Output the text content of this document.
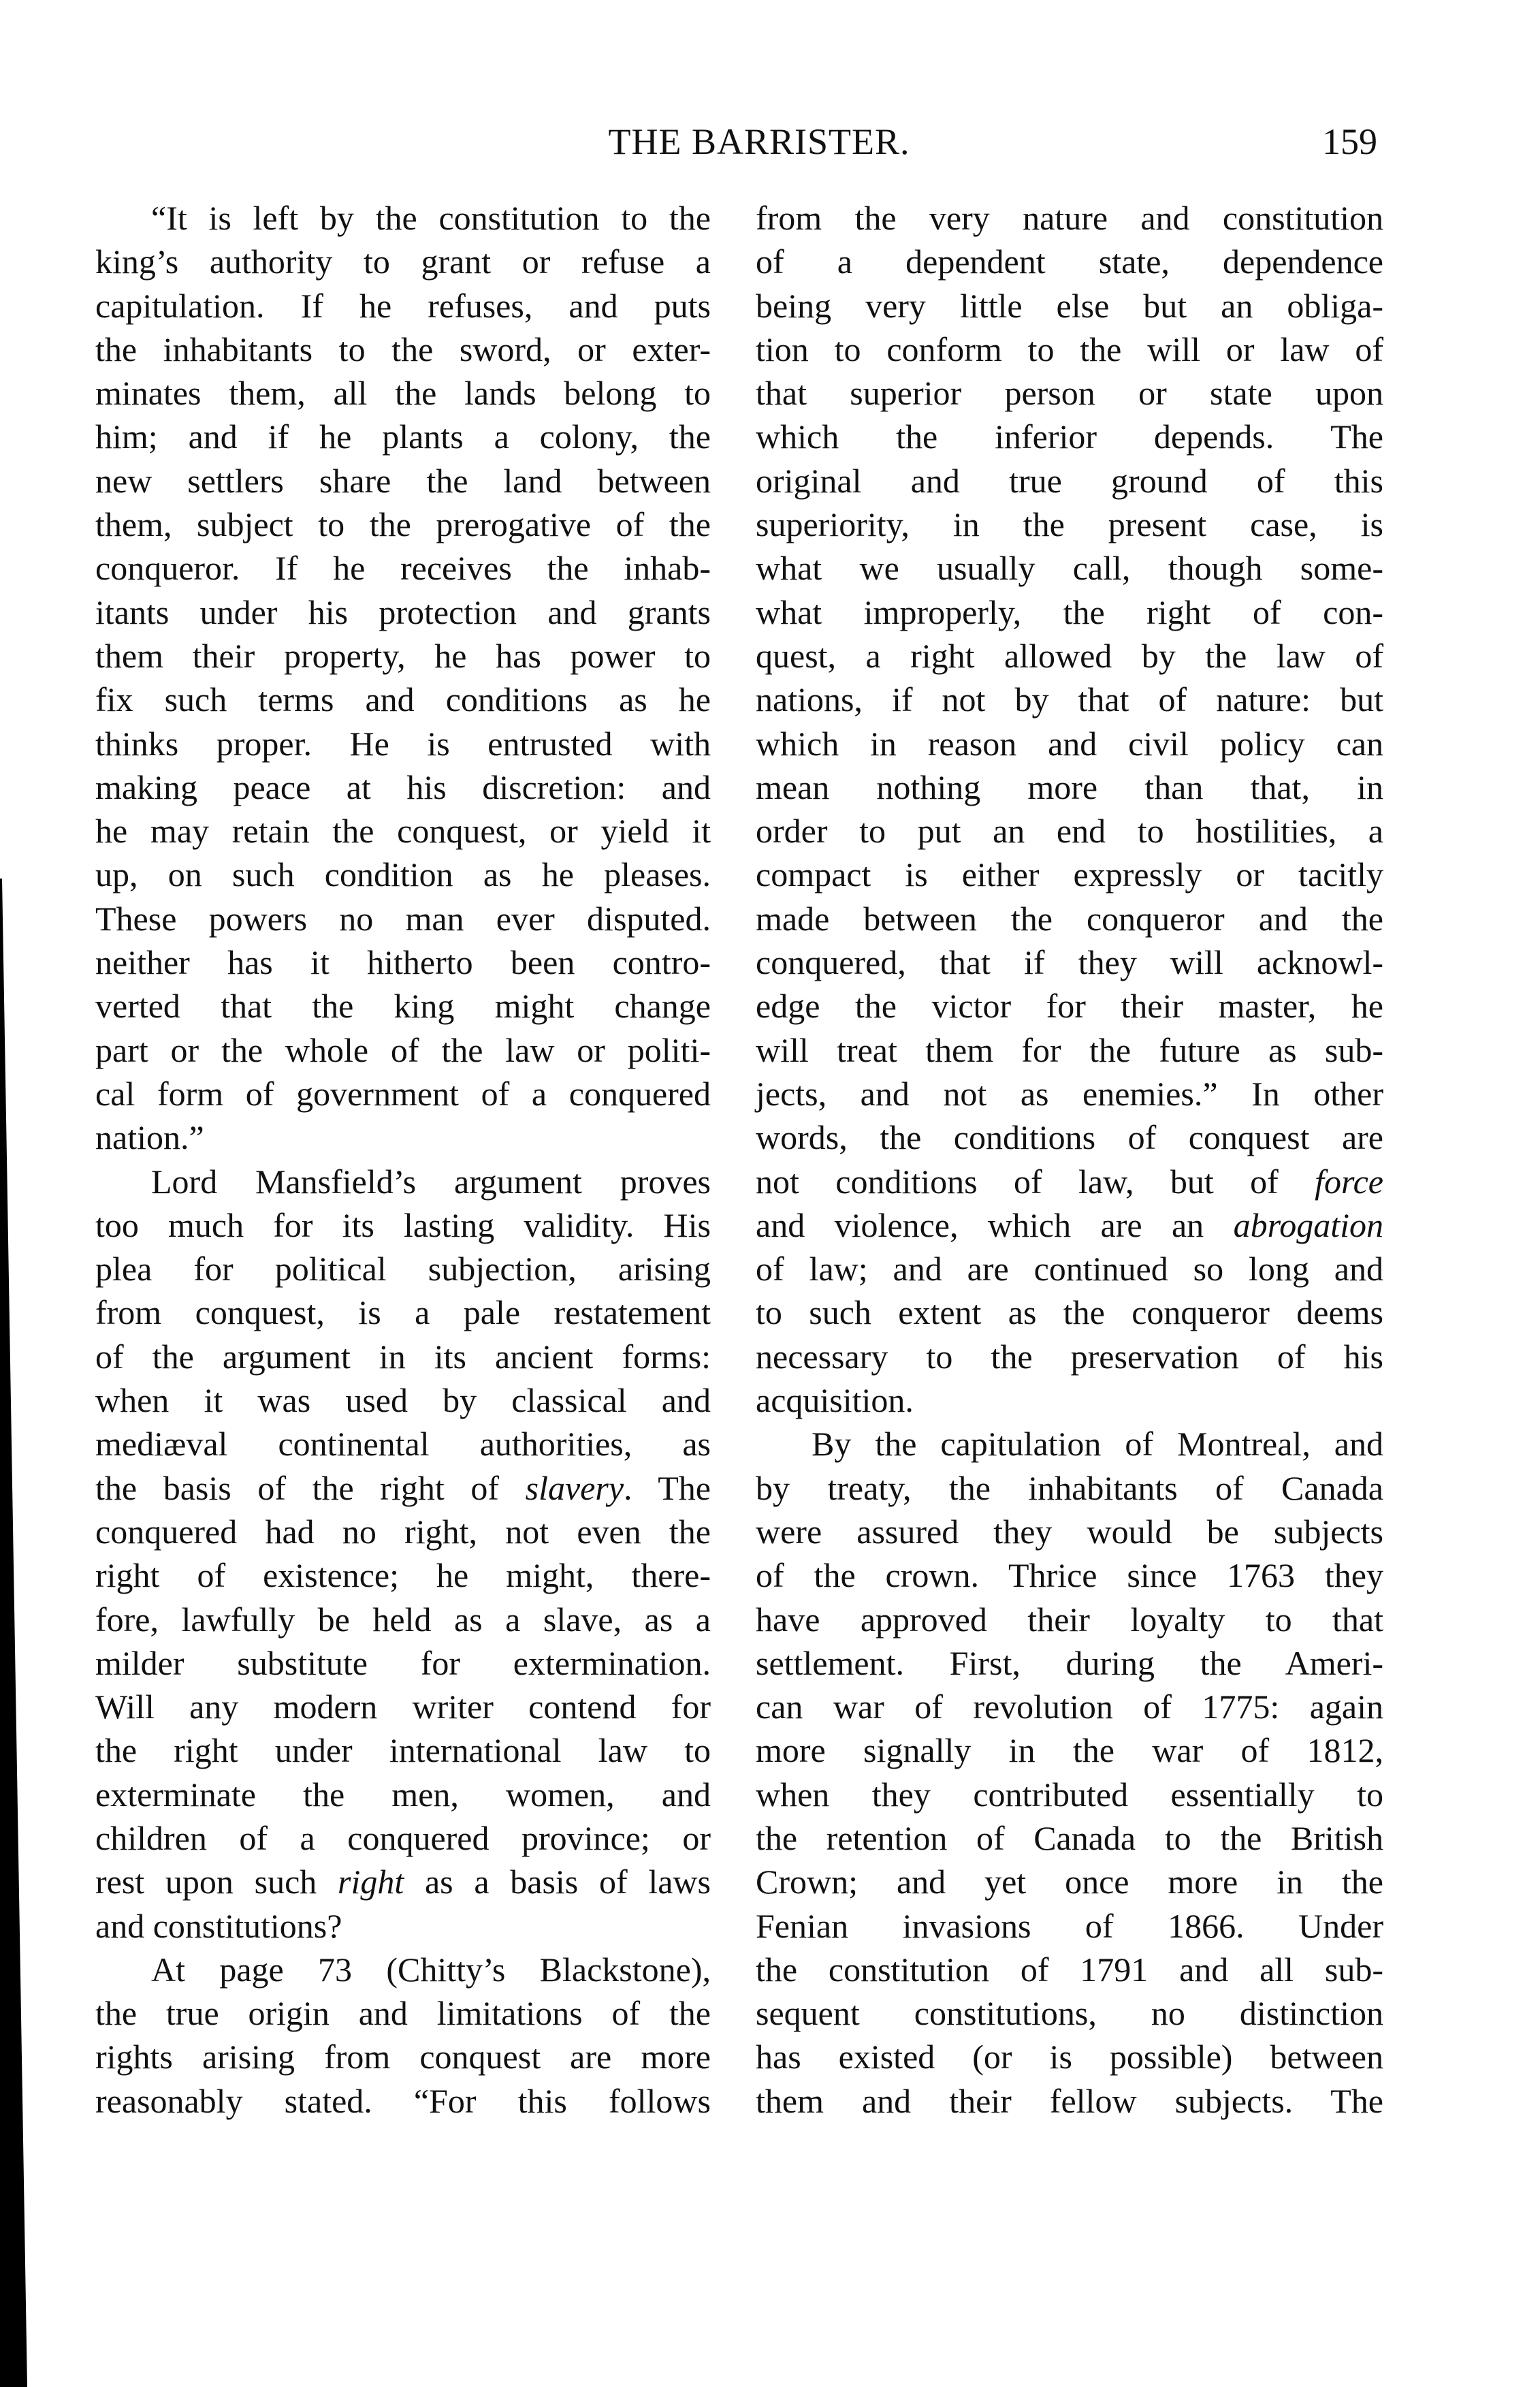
THE BARRISTER.	159
“It is left by the constitution to the
king’s authority to grant or refuse a
capitulation. If he refuses, and puts
the inhabitants to the sword, or exter-
minates them, all the lands belong to
him; and if he plants a colony, the
new settlers share the land between
them, subject to the prerogative of the
conqueror. If he receives the inhab-
itants under his protection and grants
them their property, he has power to
fix such terms and conditions as he
thinks proper. He is entrusted with
making peace at his discretion: and
he may retain the conquest, or yield it
up, on such condition as he pleases.
These powers no man ever disputed.
neither has it hitherto been contro-
verted that the king might change
part or the whole of the law or politi-
cal form of government of a conquered
nation.”
Lord Mansfield’s argument proves
too much for its lasting validity. His
plea for political subjection, arising
from conquest, is a pale restatement
of the argument in its ancient forms:
when it was used by classical and
mediæval continental authorities, as
the basis of the right of slavery. The
conquered had no right, not even the
right of existence; he might, there-
fore, lawfully be held as a slave, as a
milder substitute for extermination.
Will any modern writer contend for
the right under international law to
exterminate the men, women, and
children of a conquered province; or
rest upon such right as a basis of laws
and constitutions?
At page 73 (Chitty’s Blackstone),
the true origin and limitations of the
rights arising from conquest are more
reasonably stated. “For this follows
from the very nature and constitution
of a dependent state, dependence
being very little else but an obliga-
tion to conform to the will or law of
that superior person or state upon
which the inferior depends. The
original and true ground of this
superiority, in the present case, is
what we usually call, though some-
what improperly, the right of con-
quest, a right allowed by the law of
nations, if not by that of nature: but
which in reason and civil policy can
mean nothing more than that, in
order to put an end to hostilities, a
compact is either expressly or tacitly
made between the conqueror and the
conquered, that if they will acknowl-
edge the victor for their master, he
will treat them for the future as sub-
jects, and not as enemies.” In other
words, the conditions of conquest are
not conditions of law, but of force
and violence, which are an abrogation
of law; and are continued so long and
to such extent as the conqueror deems
necessary to the preservation of his
acquisition.
By the capitulation of Montreal, and
by treaty, the inhabitants of Canada
were assured they would be subjects
of the crown. Thrice since 1763 they
have approved their loyalty to that
settlement. First, during the Ameri-
can war of revolution of 1775: again
more signally in the war of 1812,
when they contributed essentially to
the retention of Canada to the British
Crown; and yet once more in the
Fenian invasions of 1866. Under
the constitution of 1791 and all sub-
sequent constitutions, no distinction
has existed (or is possible) between
them and their fellow subjects. The
